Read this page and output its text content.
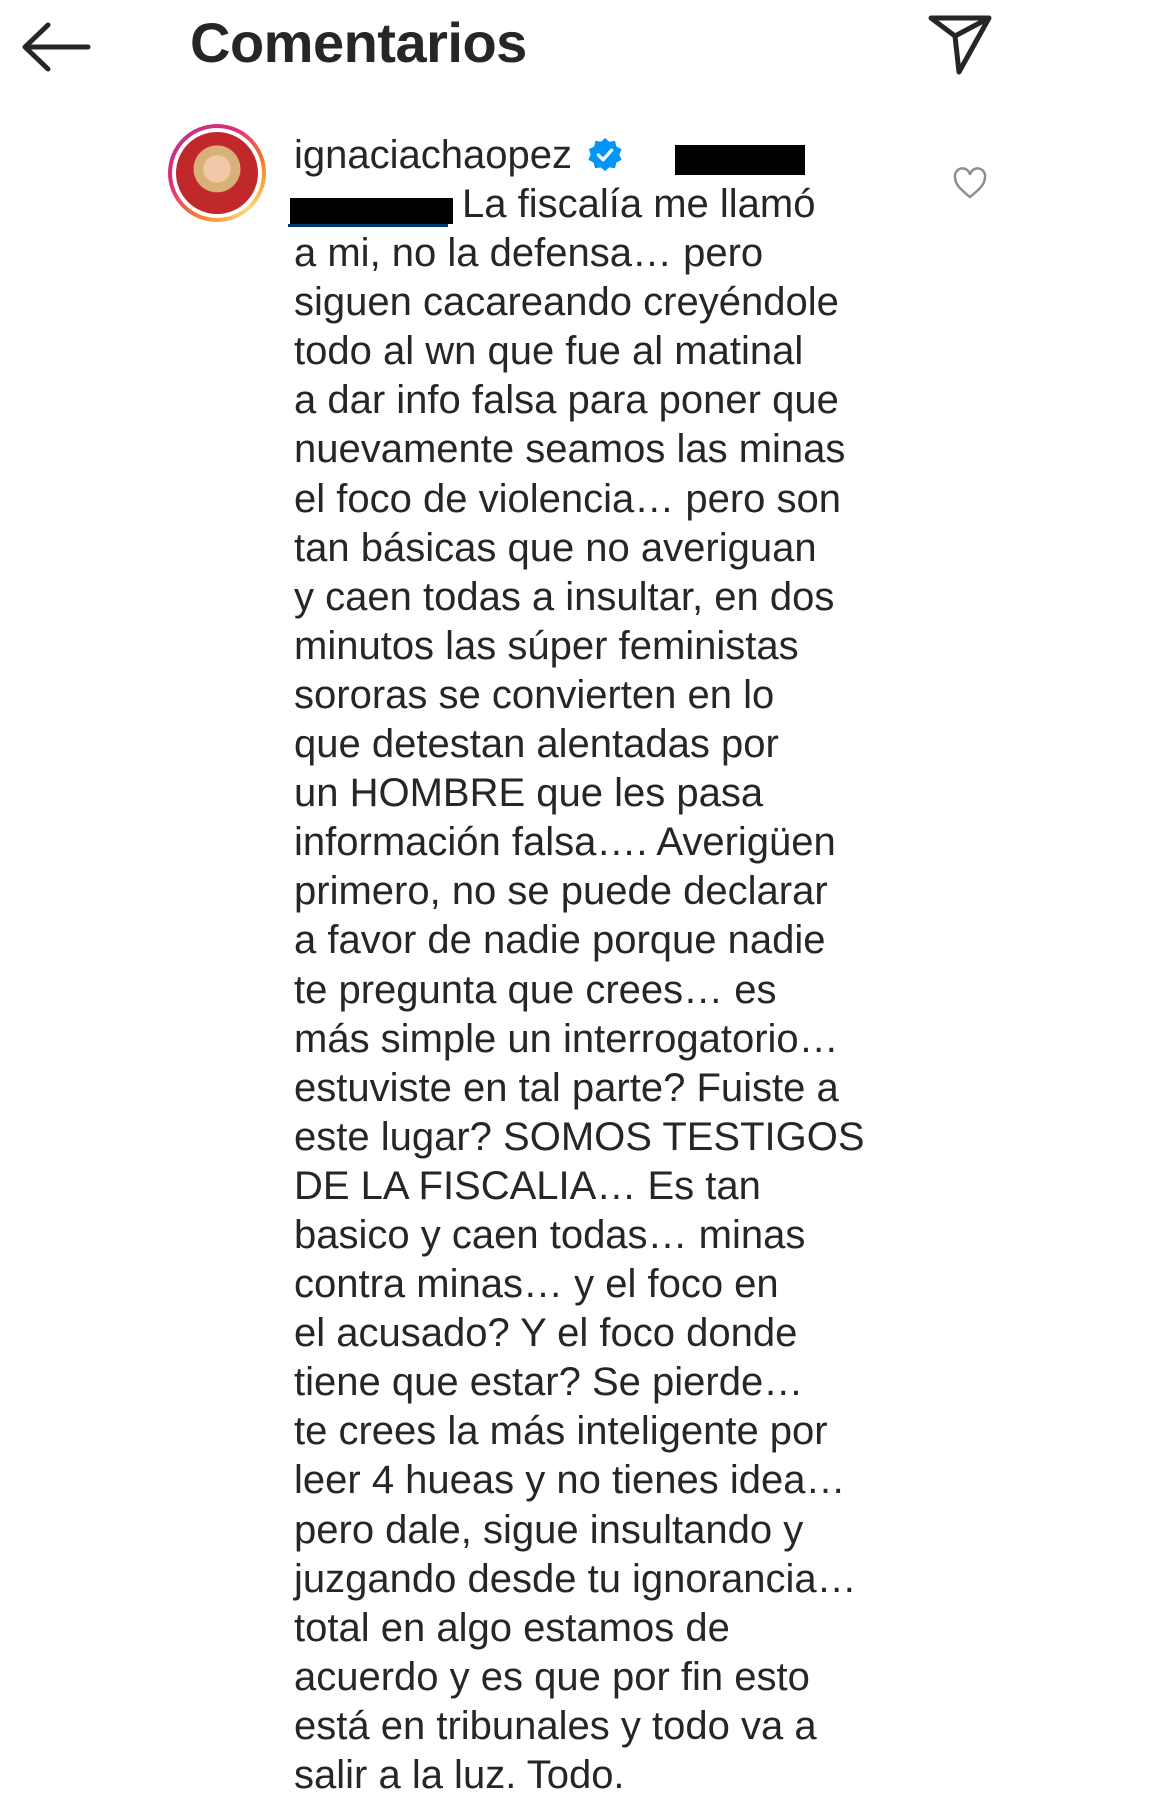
Comentarios
ignaciachaopez
La fiscalía me llamó
a mi, no la defensa… pero
siguen cacareando creyéndole
todo al wn que fue al matinal
a dar info falsa para poner que
nuevamente seamos las minas
el foco de violencia… pero son
tan básicas que no averiguan
y caen todas a insultar, en dos
minutos las súper feministas
sororas se convierten en lo
que detestan alentadas por
un HOMBRE que les pasa
información falsa…. Averigüen
primero, no se puede declarar
a favor de nadie porque nadie
te pregunta que crees… es
más simple un interrogatorio…
estuviste en tal parte? Fuiste a
este lugar? SOMOS TESTIGOS
DE LA FISCALIA… Es tan
basico y caen todas… minas
contra minas… y el foco en
el acusado? Y el foco donde
tiene que estar? Se pierde…
te crees la más inteligente por
leer 4 hueas y no tienes idea…
pero dale, sigue insultando y
juzgando desde tu ignorancia…
total en algo estamos de
acuerdo y es que por fin esto
está en tribunales y todo va a
salir a la luz. Todo.
